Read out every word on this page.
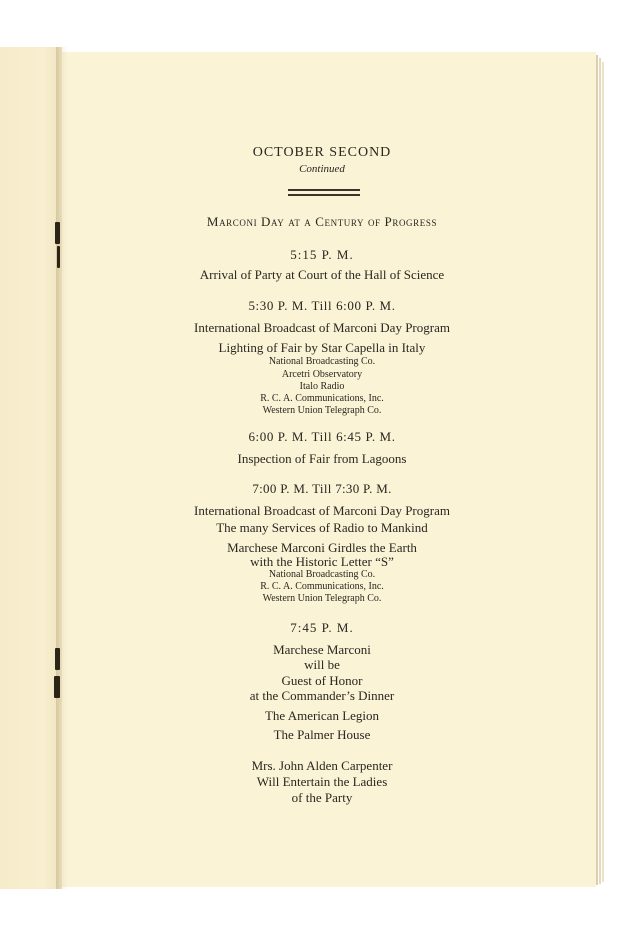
OCTOBER SECOND
Continued
Marconi Day at a Century of Progress
5:15 P. M.
Arrival of Party at Court of the Hall of Science
5:30 P. M. Till 6:00 P. M.
International Broadcast of Marconi Day Program
Lighting of Fair by Star Capella in Italy
National Broadcasting Co.
Arcetri Observatory
Italo Radio
R. C. A. Communications, Inc.
Western Union Telegraph Co.
6:00 P. M. Till 6:45 P. M.
Inspection of Fair from Lagoons
7:00 P. M. Till 7:30 P. M.
International Broadcast of Marconi Day Program
The many Services of Radio to Mankind
Marchese Marconi Girdles the Earth
with the Historic Letter “S”
National Broadcasting Co.
R. C. A. Communications, Inc.
Western Union Telegraph Co.
7:45 P. M.
Marchese Marconi
will be
Guest of Honor
at the Commander’s Dinner
The American Legion
The Palmer House
Mrs. John Alden Carpenter
Will Entertain the Ladies
of the Party
